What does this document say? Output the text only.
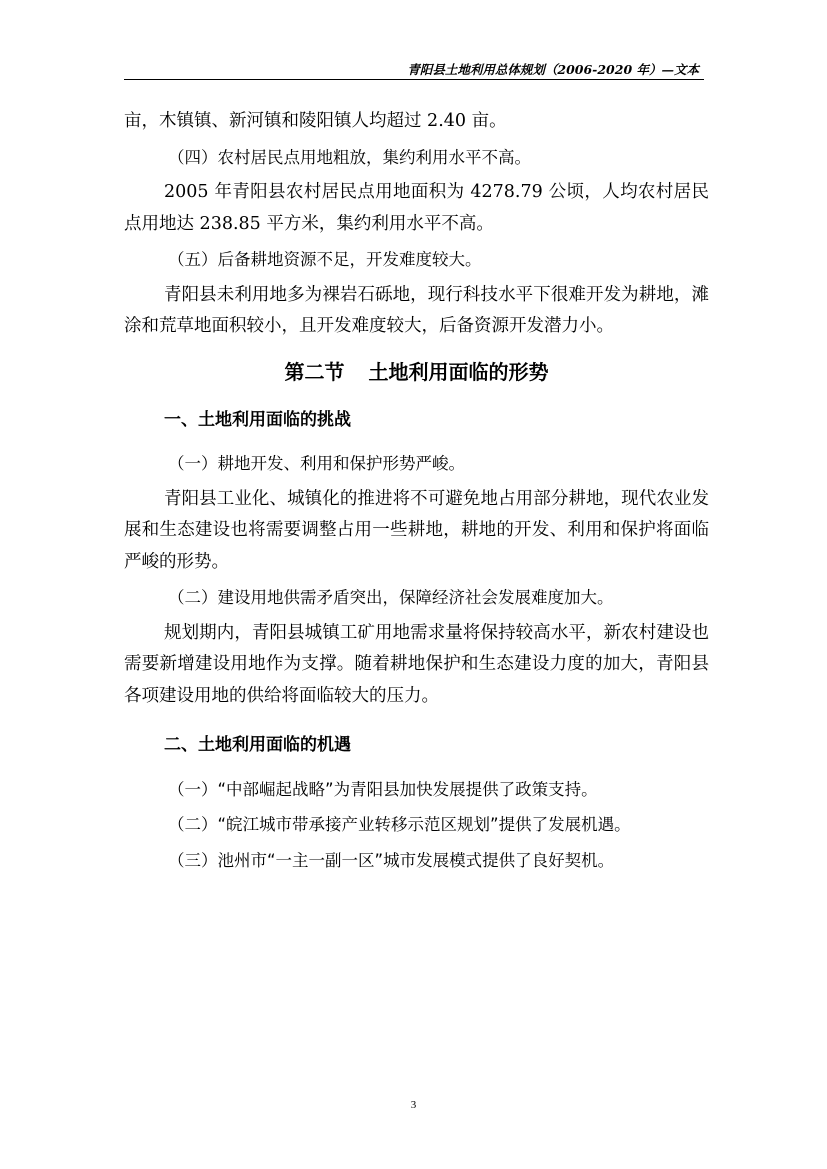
青阳县土地利用总体规划（2006-2020 年）—文本

亩，木镇镇、新河镇和陵阳镇人均超过 2.40 亩。

（四）农村居民点用地粗放，集约利用水平不高。

2005 年青阳县农村居民点用地面积为 4278.79 公顷，人均农村居民点用地达 238.85 平方米，集约利用水平不高。

（五）后备耕地资源不足，开发难度较大。

青阳县未利用地多为裸岩石砾地，现行科技水平下很难开发为耕地，滩涂和荒草地面积较小，且开发难度较大，后备资源开发潜力小。

第二节 土地利用面临的形势
一、土地利用面临的挑战

（一）耕地开发、利用和保护形势严峻。

青阳县工业化、城镇化的推进将不可避免地占用部分耕地，现代农业发展和生态建设也将需要调整占用一些耕地，耕地的开发、利用和保护将面临严峻的形势。

（二）建设用地供需矛盾突出，保障经济社会发展难度加大。

规划期内，青阳县城镇工矿用地需求量将保持较高水平，新农村建设也需要新增建设用地作为支撑。随着耕地保护和生态建设力度的加大，青阳县各项建设用地的供给将面临较大的压力。

二、土地利用面临的机遇

（一）“中部崛起战略”为青阳县加快发展提供了政策支持。

（二）“皖江城市带承接产业转移示范区规划”提供了发展机遇。

（三）池州市“一主一副一区”城市发展模式提供了良好契机。

3
